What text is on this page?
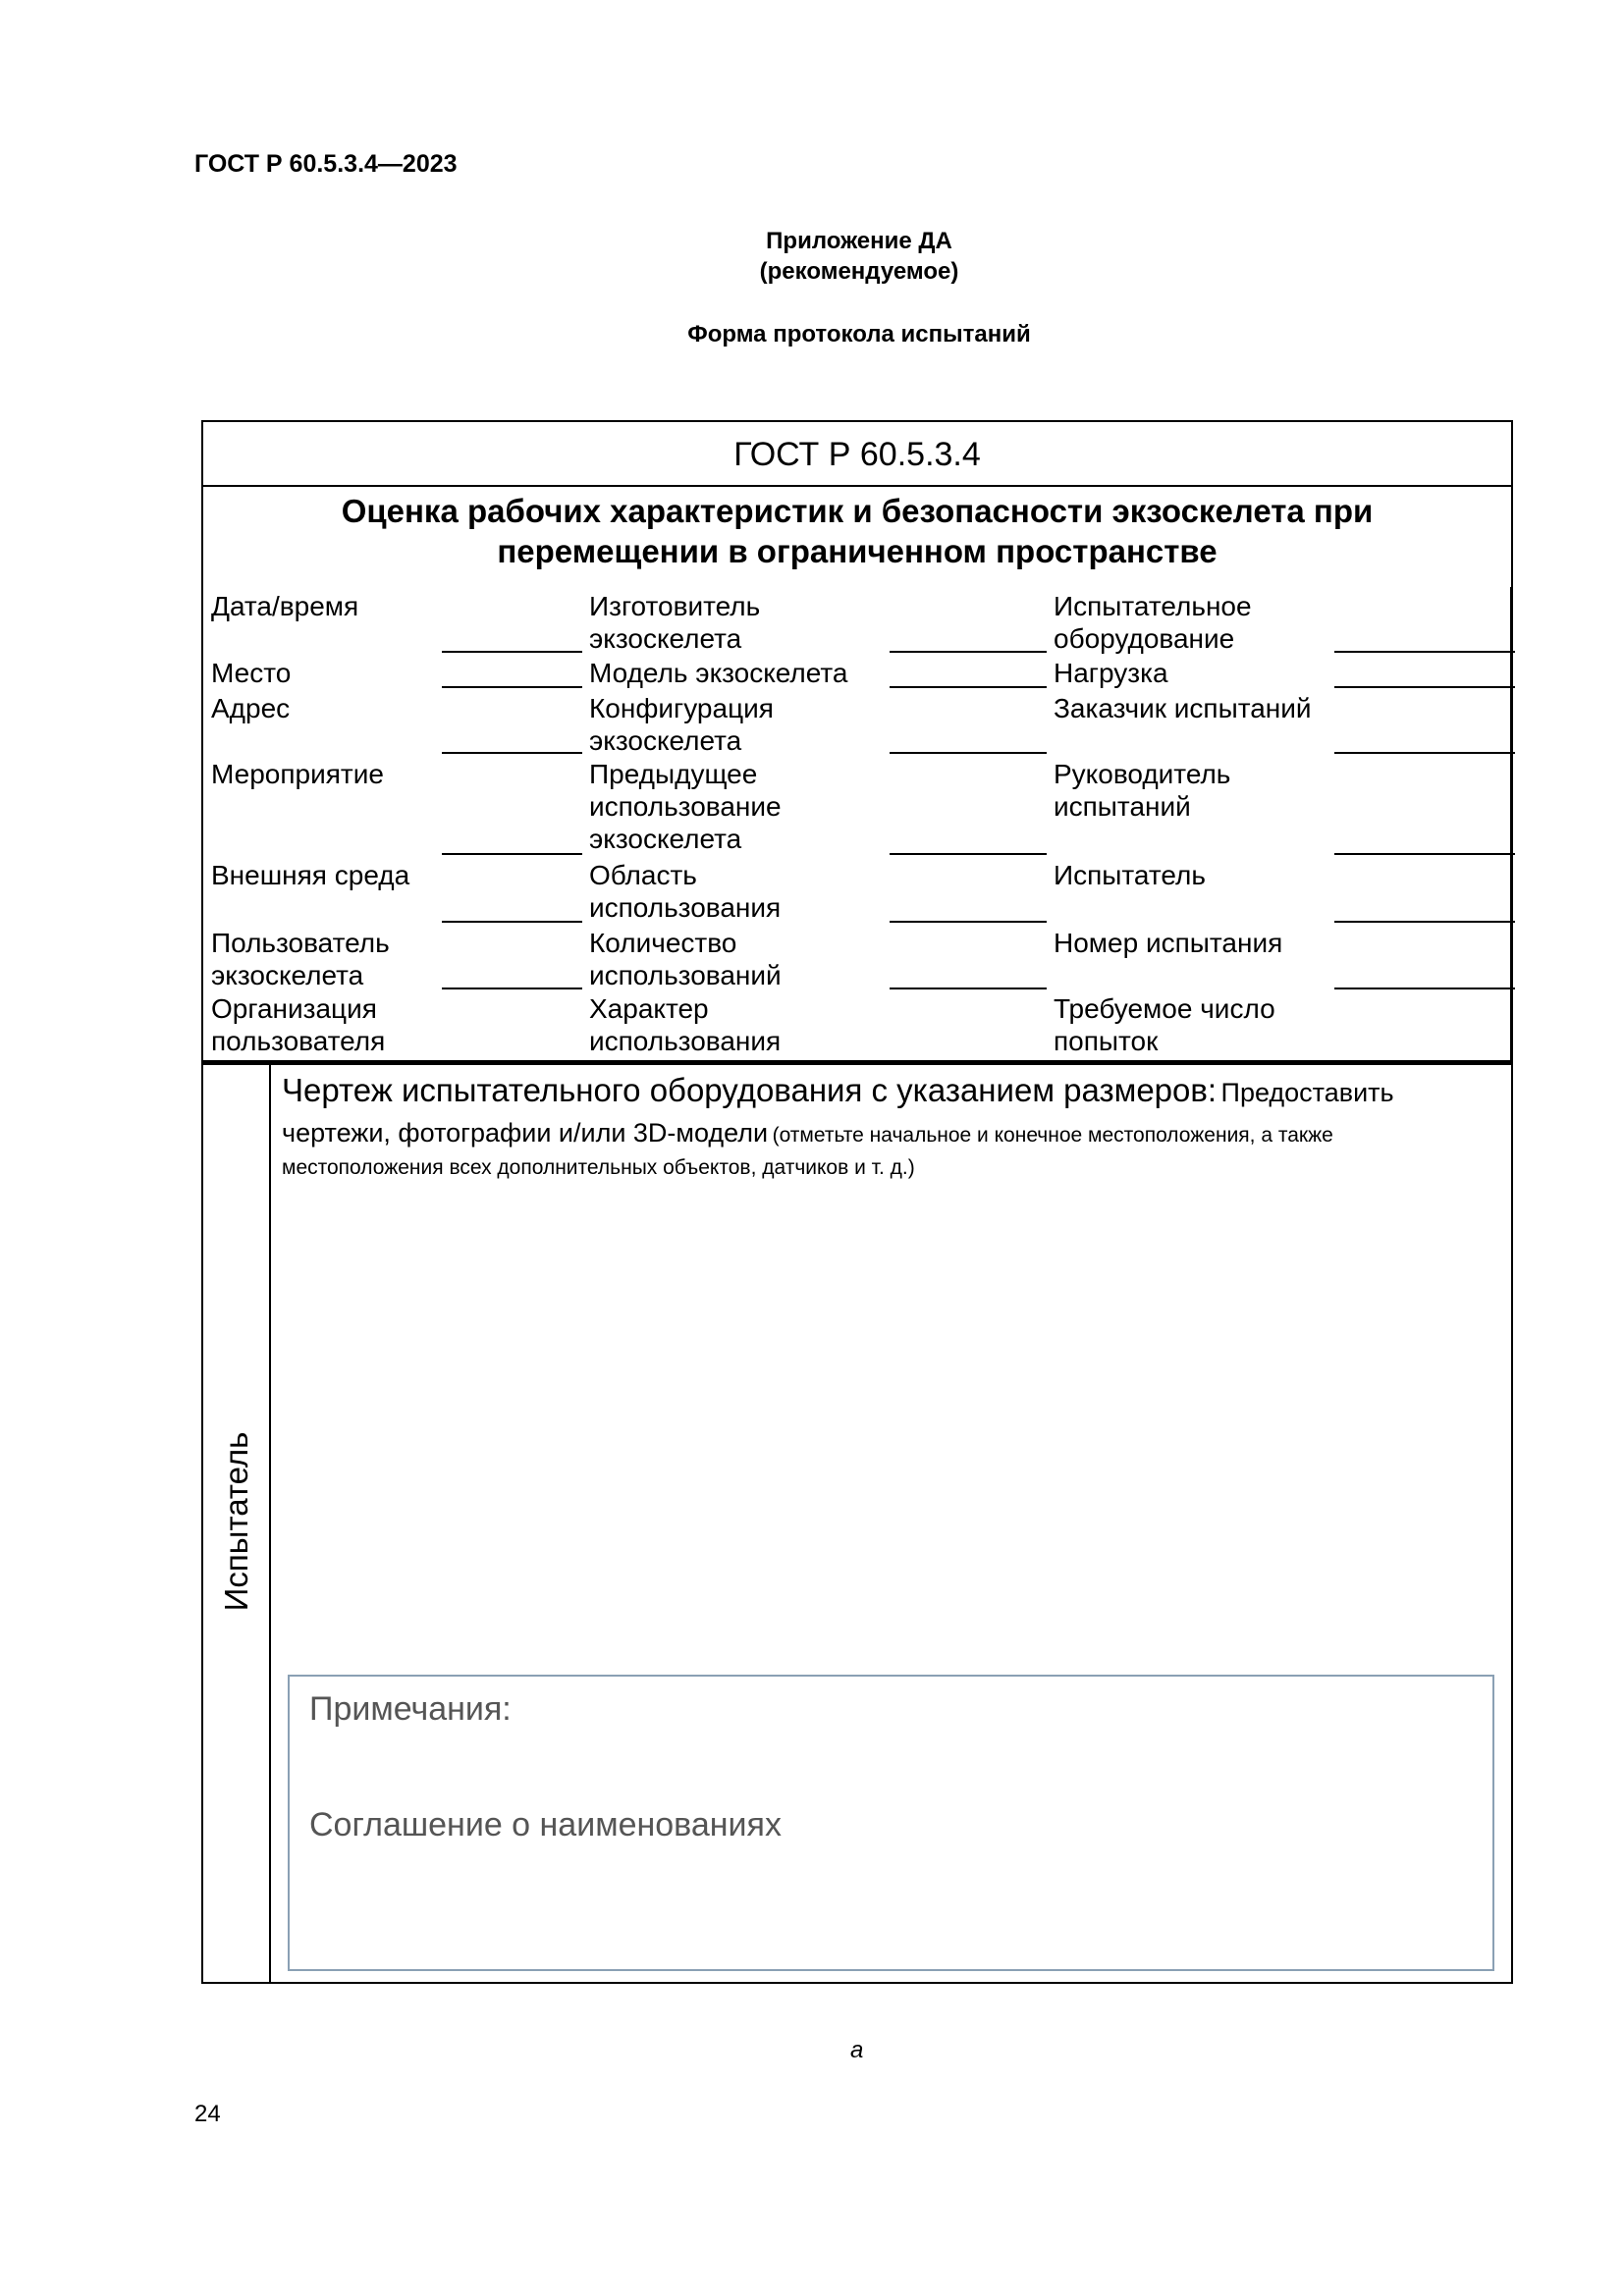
ГОСТ Р 60.5.3.4—2023
Приложение ДА
(рекомендуемое)
Форма протокола испытаний
ГОСТ Р 60.5.3.4
Оценка рабочих характеристик и безопасности экзоскелета при
перемещении в ограниченном пространстве
Дата/время
Место
Адрес
Мероприятие
Внешняя среда
Пользователь
экзоскелета
Организация
пользователя
Изготовитель
экзоскелета
Модель экзоскелета
Конфигурация
экзоскелета
Предыдущее
использование
экзоскелета
Область
использования
Количество
использований
Характер
использования
Испытательное
оборудование
Нагрузка
Заказчик испытаний
Руководитель
испытаний
Испытатель
Номер испытания
Требуемое число
попыток
Испытатель
Чертеж испытательного оборудования с указанием размеров: Предоставить
чертежи, фотографии и/или 3D-модели (отметьте начальное и конечное местоположения, а также
местоположения всех дополнительных объектов, датчиков и т. д.)
Примечания:
Соглашение о наименованиях
а
24
